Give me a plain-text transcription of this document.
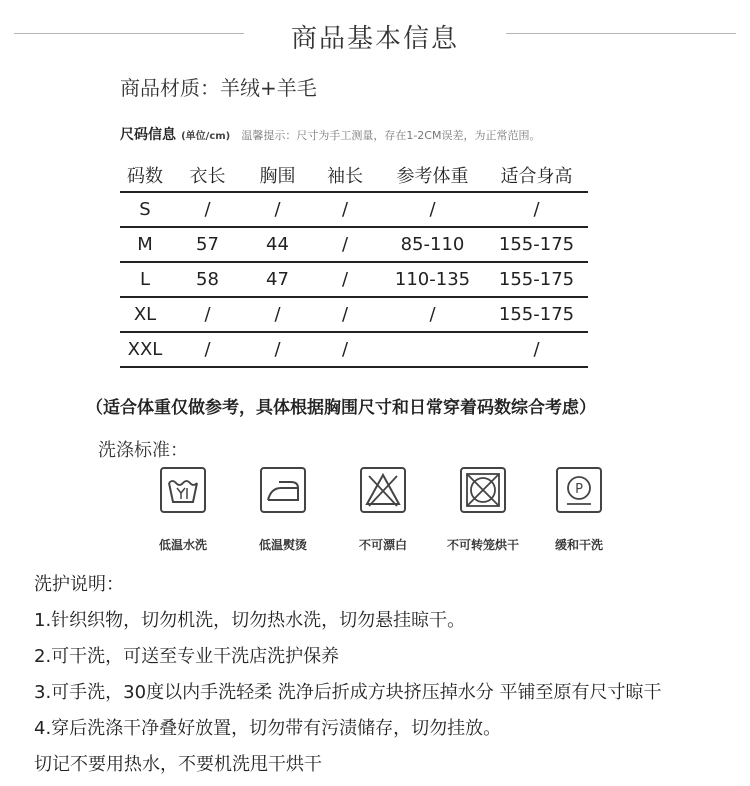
商品基本信息
商品材质：羊绒+羊毛
尺码信息 (单位/cm) 温馨提示：尺寸为手工测量，存在1-2CM误差，为正常范围。
码数	衣长	胸围	袖长	参考体重	适合身高
S	/	/	/	/	/
M	57	44	/	85-110	155-175
L	58	47	/	110-135	155-175
XL	/	/	/	/	155-175
XXL	/	/	/		/
（适合体重仅做参考，具体根据胸围尺寸和日常穿着码数综合考虑）
洗涤标准：
低温水洗	低温熨烫	不可漂白	不可转笼烘干
P
缓和干洗
洗护说明：
1.针织织物，切勿机洗，切勿热水洗，切勿悬挂晾干。
2.可干洗，可送至专业干洗店洗护保养
3.可手洗，30度以内手洗轻柔 洗净后折成方块挤压掉水分 平铺至原有尺寸晾干
4.穿后洗涤干净叠好放置，切勿带有污渍储存，切勿挂放。
切记不要用热水，不要机洗甩干烘干
